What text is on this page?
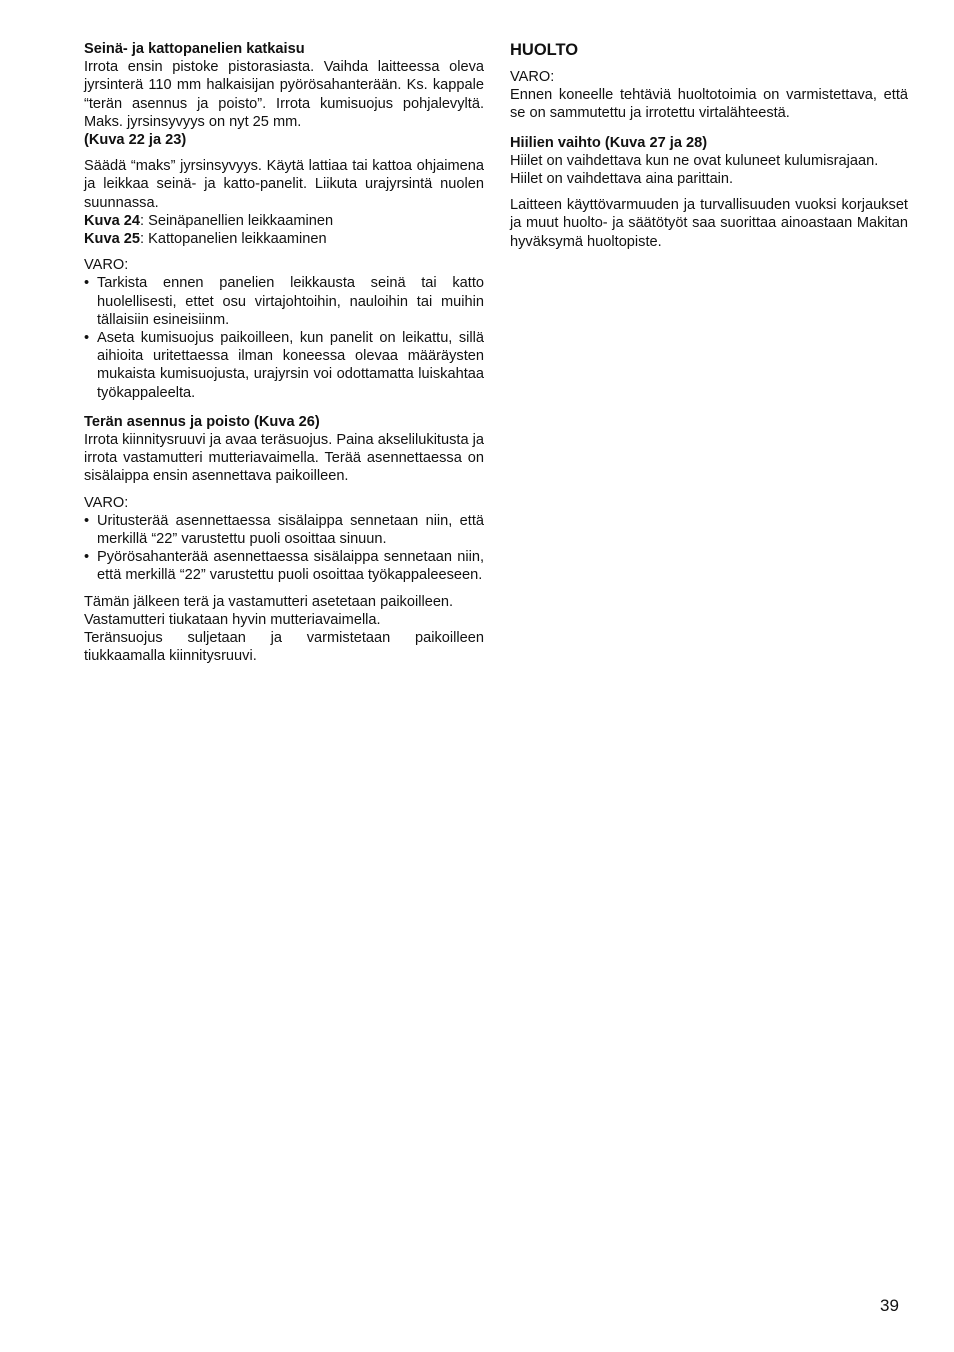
Seinä- ja kattopanelien katkaisu

Irrota ensin pistoke pistorasiasta. Vaihda laitteessa oleva jyrsinterä 110 mm halkaisijan pyörösahanterään. Ks. kappale “terän asennus ja poisto”. Irrota kumisuojus pohjalevyltä. Maks. jyrsinsyvyys on nyt 25 mm.

(Kuva 22 ja 23)

Säädä “maks” jyrsinsyvyys. Käytä lattiaa tai kattoa ohjaimena ja leikkaa seinä- ja katto-panelit. Liikuta urajyrsintä nuolen suunnassa.

Kuva 24: Seinäpanellien leikkaaminen

Kuva 25: Kattopanelien leikkaaminen

VARO:

• Tarkista ennen panelien leikkausta seinä tai katto huolellisesti, ettet osu virtajohtoihin, nauloihin tai muihin tällaisiin esineisiinm.
• Aseta kumisuojus paikoilleen, kun panelit on leikattu, sillä aihioita uritettaessa ilman koneessa olevaa määräysten mukaista kumisuojusta, urajyrsin voi odottamatta luiskahtaa työkappaleelta.

Terän asennus ja poisto (Kuva 26)

Irrota kiinnitysruuvi ja avaa teräsuojus. Paina akselilukitusta ja irrota vastamutteri mutteriavaimella. Terää asennettaessa on sisälaippa ensin asennettava paikoilleen.

VARO:

• Uritusterää asennettaessa sisälaippa sennetaan niin, että merkillä “22” varustettu puoli osoittaa sinuun.
• Pyörösahanterää asennettaessa sisälaippa sennetaan niin, että merkillä “22” varustettu puoli osoittaa työkappaleeseen.

Tämän jälkeen terä ja vastamutteri asetetaan paikoilleen.

Vastamutteri tiukataan hyvin mutteriavaimella.

Teränsuojus suljetaan ja varmistetaan paikoilleen tiukkaamalla kiinnitysruuvi.

HUOLTO

VARO:

Ennen koneelle tehtäviä huoltotoimia on varmistettava, että se on sammutettu ja irrotettu virtalähteestä.

Hiilien vaihto (Kuva 27 ja 28)

Hiilet on vaihdettava kun ne ovat kuluneet kulumisrajaan.

Hiilet on vaihdettava aina parittain.

Laitteen käyttövarmuuden ja turvallisuuden vuoksi korjaukset ja muut huolto- ja säätötyöt saa suorittaa ainoastaan Makitan hyväksymä huoltopiste.

39
